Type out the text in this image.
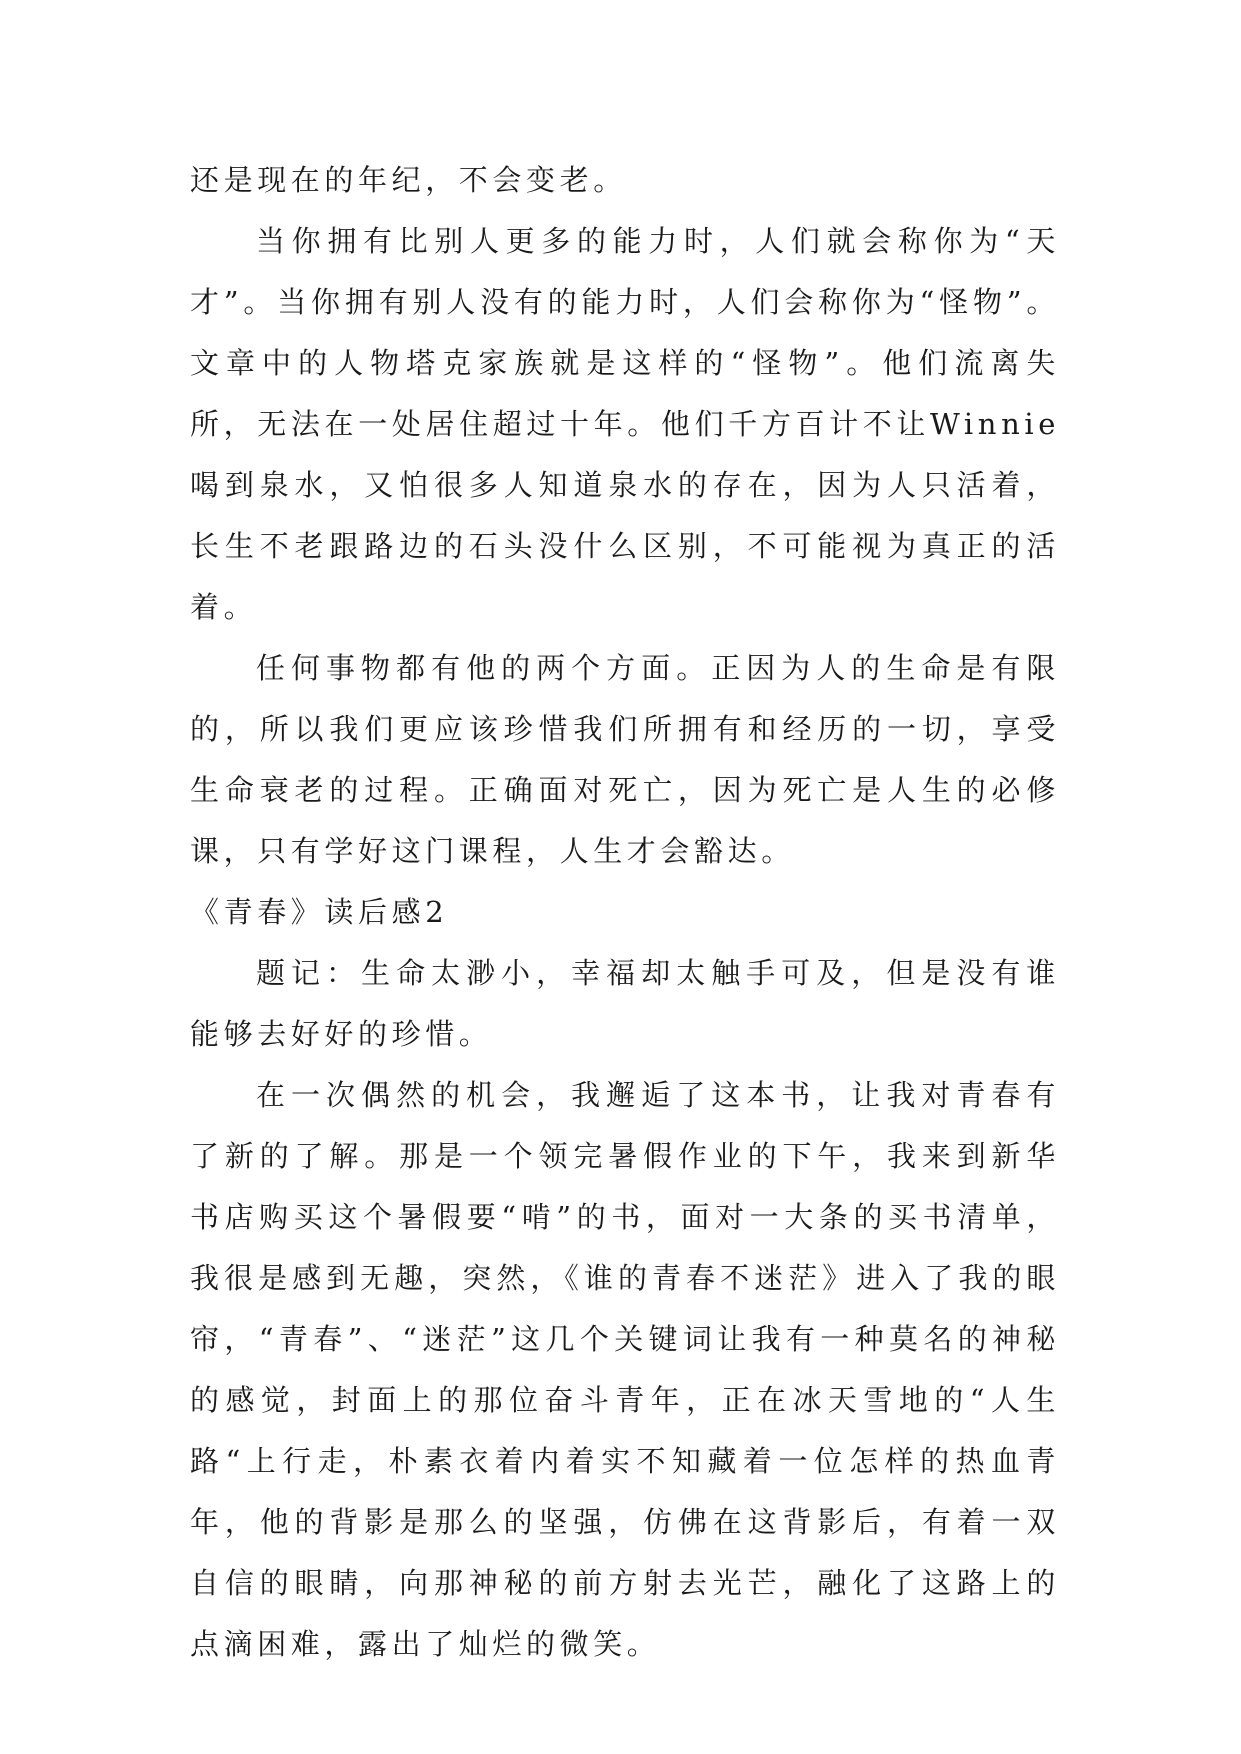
还是现在的年纪，不会变老。

当你拥有比别人更多的能力时，人们就会称你为“天才”。当你拥有别人没有的能力时，人们会称你为“怪物”。文章中的人物塔克家族就是这样的“怪物”。他们流离失所，无法在一处居住超过十年。他们千方百计不让Winnie喝到泉水，又怕很多人知道泉水的存在，因为人只活着，长生不老跟路边的石头没什么区别，不可能视为真正的活着。

任何事物都有他的两个方面。正因为人的生命是有限的，所以我们更应该珍惜我们所拥有和经历的一切，享受生命衰老的过程。正确面对死亡，因为死亡是人生的必修课，只有学好这门课程，人生才会豁达。

《青春》读后感2

题记：生命太渺小，幸福却太触手可及，但是没有谁能够去好好的珍惜。

在一次偶然的机会，我邂逅了这本书，让我对青春有了新的了解。那是一个领完暑假作业的下午，我来到新华书店购买这个暑假要“啃”的书，面对一大条的买书清单，我很是感到无趣，突然，《谁的青春不迷茫》进入了我的眼帘，“青春”、“迷茫”这几个关键词让我有一种莫名的神秘的感觉，封面上的那位奋斗青年，正在冰天雪地的“人生路“上行走，朴素衣着内着实不知藏着一位怎样的热血青年，他的背影是那么的坚强，仿佛在这背影后，有着一双自信的眼睛，向那神秘的前方射去光芒，融化了这路上的点滴困难，露出了灿烂的微笑。
